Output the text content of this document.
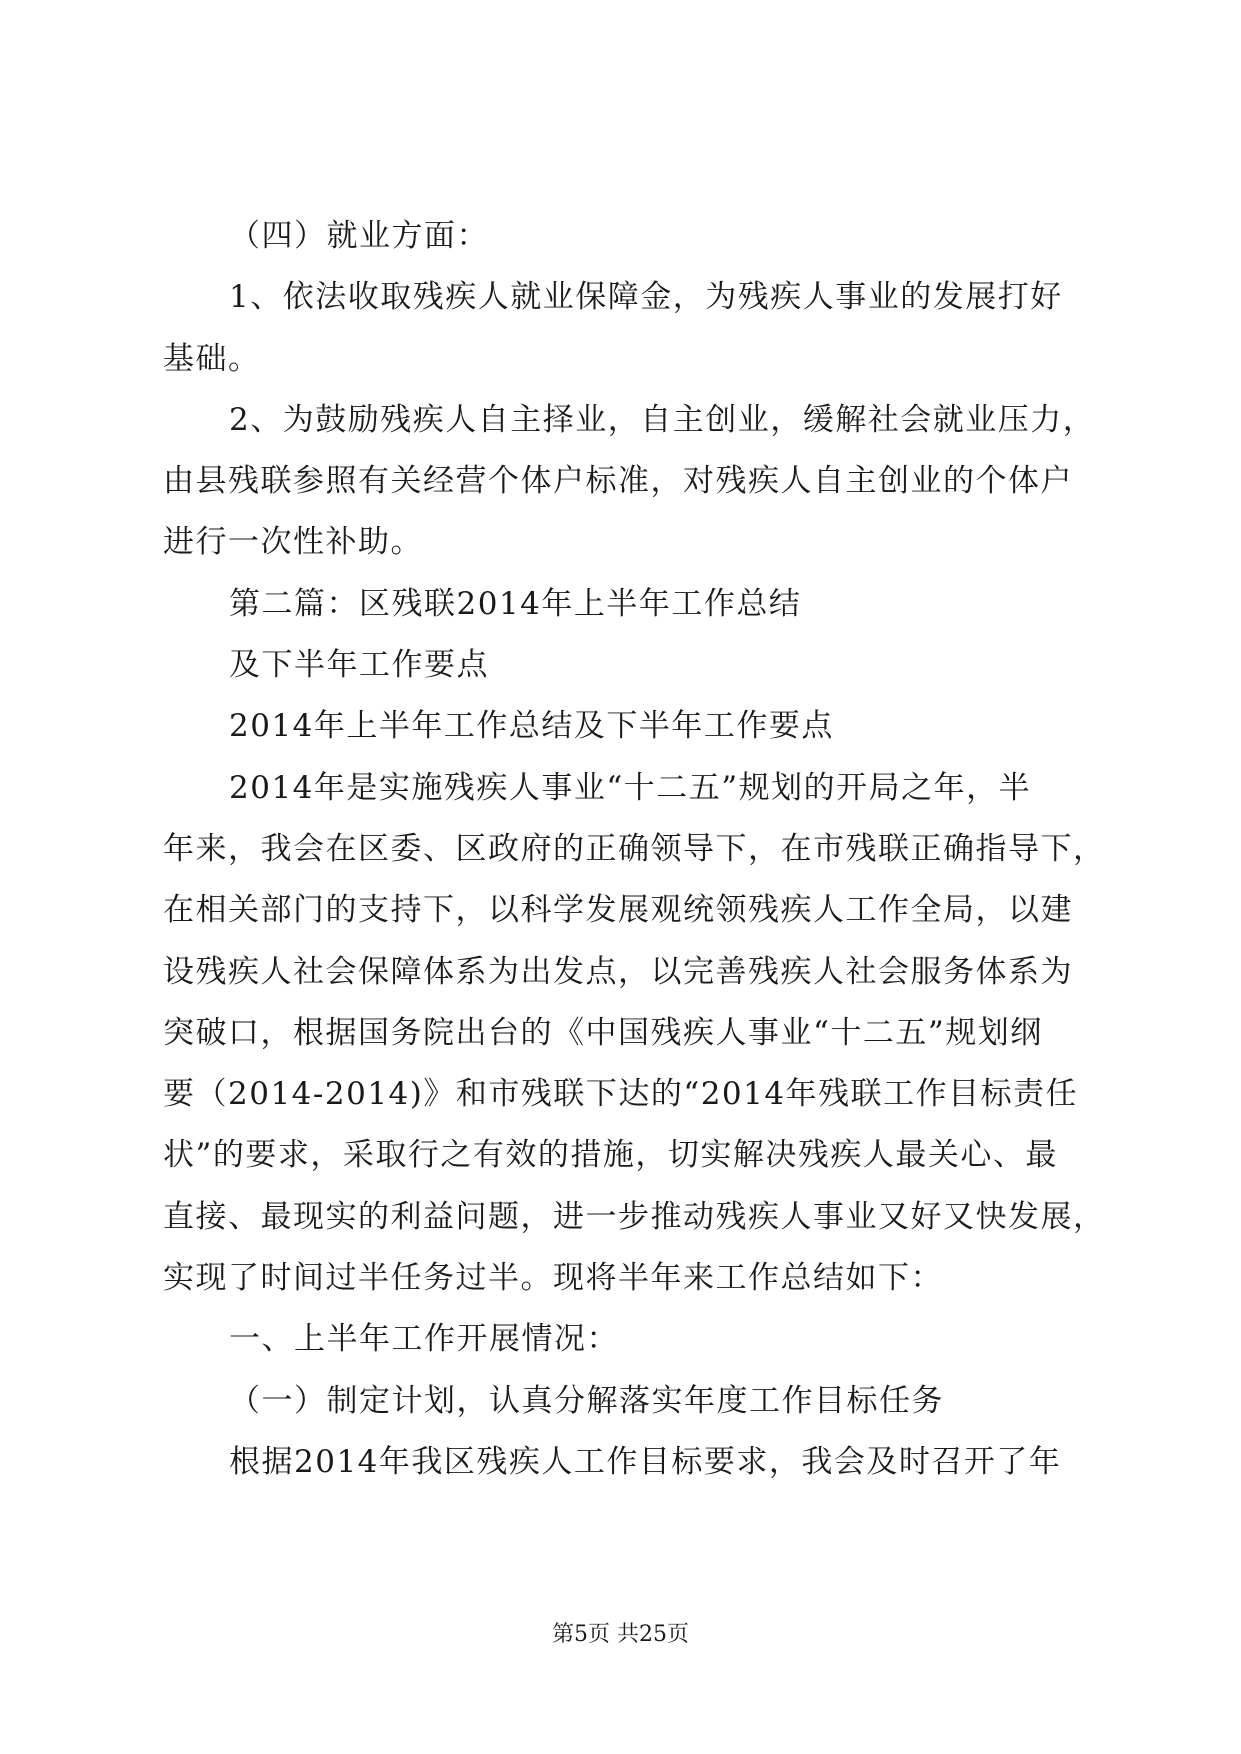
（四）就业方面：
1、依法收取残疾人就业保障金，为残疾人事业的发展打好
基础。
2、为鼓励残疾人自主择业，自主创业，缓解社会就业压力，
由县残联参照有关经营个体户标准，对残疾人自主创业的个体户
进行一次性补助。
第二篇：区残联2014年上半年工作总结
及下半年工作要点
2014年上半年工作总结及下半年工作要点
2014年是实施残疾人事业“十二五”规划的开局之年，半
年来，我会在区委、区政府的正确领导下，在市残联正确指导下，
在相关部门的支持下，以科学发展观统领残疾人工作全局，以建
设残疾人社会保障体系为出发点，以完善残疾人社会服务体系为
突破口，根据国务院出台的《中国残疾人事业“十二五”规划纲
要（2014-2014)》和市残联下达的“2014年残联工作目标责任
状”的要求，采取行之有效的措施，切实解决残疾人最关心、最
直接、最现实的利益问题，进一步推动残疾人事业又好又快发展，
实现了时间过半任务过半。现将半年来工作总结如下：
一、上半年工作开展情况：
（一）制定计划，认真分解落实年度工作目标任务
根据2014年我区残疾人工作目标要求，我会及时召开了年
第5页 共25页
